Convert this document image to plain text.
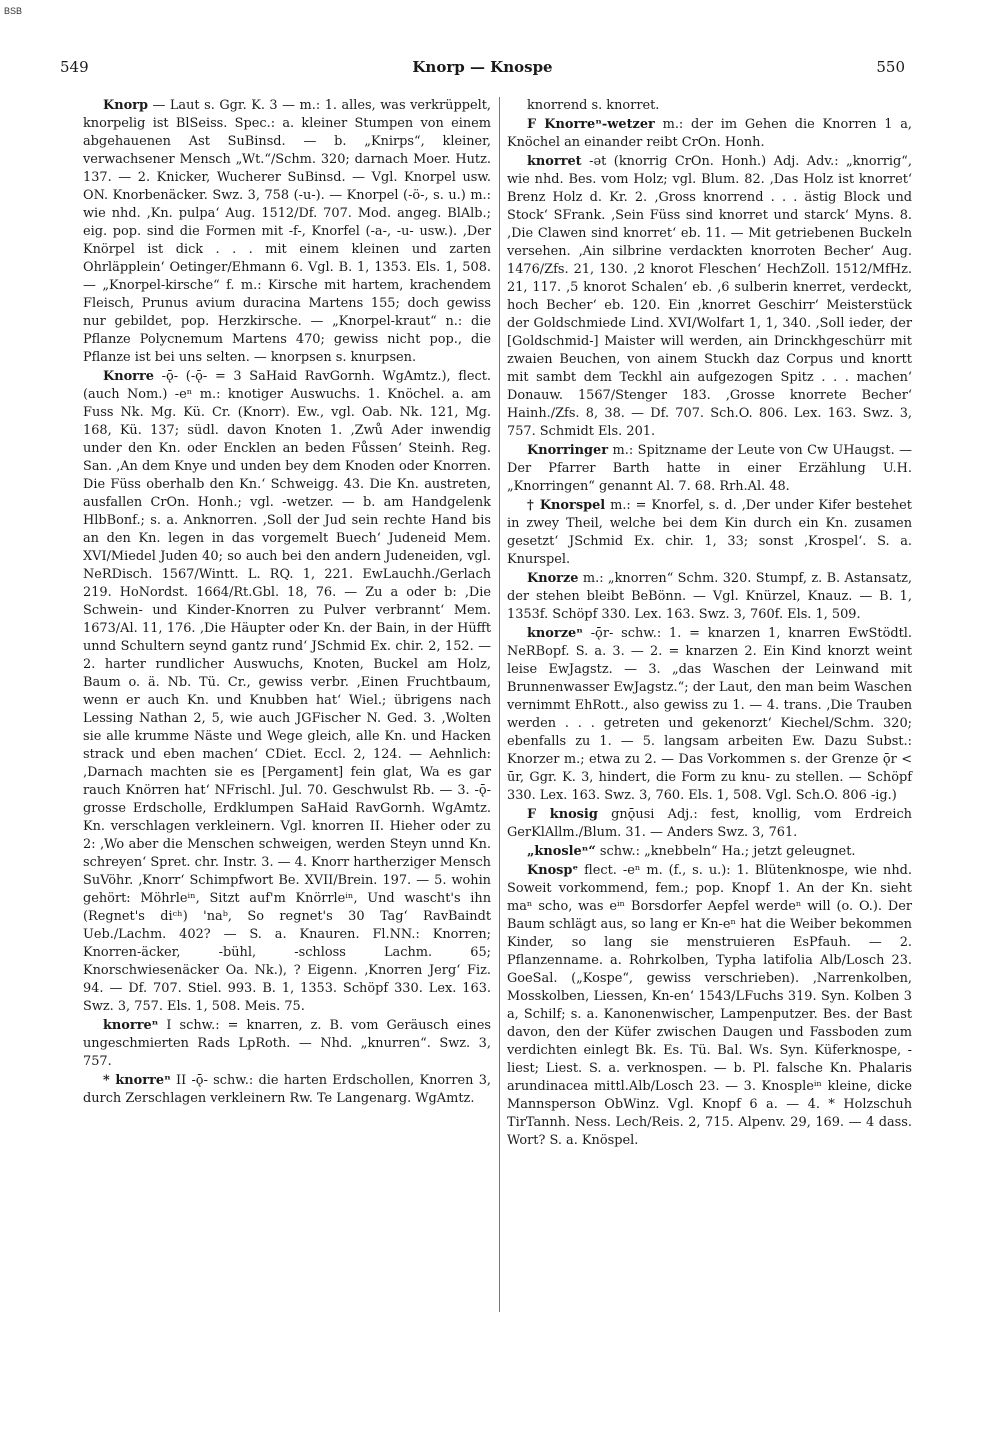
BSB
549	Knorp — Knospe	550

Knorp — Laut s. Ggr. K. 3 — m.: 1. alles, was verkrüppelt, knorpelig ist BlSeiss. Spec.: a. kleiner Stumpen von einem abgehauenen Ast SuBinsd. — b. „Knirps“, kleiner, verwachsener Mensch „Wt.“/Schm. 320; darnach Moer. Hutz. 137. — 2. Knicker, Wucherer SuBinsd. — Vgl. Knorpel usw. ON. Knorbenäcker. Swz. 3, 758 (-u-). — Knorpel (-ö-, s. u.) m.: wie nhd. ‚Kn. pulpa‘ Aug. 1512/Df. 707. Mod. angeg. BlAlb.; eig. pop. sind die Formen mit -f-, Knorfel (-a-, -u- usw.). ‚Der Knörpel ist dick . . . mit einem kleinen und zarten Ohrläpplein‘ Oetinger/Ehmann 6. Vgl. B. 1, 1353. Els. 1, 508. — „Knorpel-kirsche“ f. m.: Kirsche mit hartem, krachendem Fleisch, Prunus avium duracina Martens 155; doch gewiss nur gebildet, pop. Herzkirsche. — „Knorpel-kraut“ n.: die Pflanze Polycnemum Martens 470; gewiss nicht pop., die Pflanze ist bei uns selten. — knorpsen s. knurpsen.

Knorre -ǭ- (-ǭ- = 3 SaHaid RavGornh. WgAmtz.), flect. (auch Nom.) -eⁿ m.: knotiger Auswuchs. 1. Knöchel. a. am Fuss Nk. Mg. Kü. Cr. (Knorr). Ew., vgl. Oab. Nk. 121, Mg. 168, Kü. 137; südl. davon Knoten 1. ‚Zwů Ader inwendig under den Kn. oder Encklen an beden Fůssen‘ Steinh. Reg. San. ‚An dem Knye und unden bey dem Knoden oder Knorren. Die Füss oberhalb den Kn.‘ Schweigg. 43. Die Kn. austreten, ausfallen CrOn. Honh.; vgl. -wetzer. — b. am Handgelenk HlbBonf.; s. a. Anknorren. ‚Soll der Jud sein rechte Hand bis an den Kn. legen in das vorgemelt Buech‘ Judeneid Mem. XVI/Miedel Juden 40; so auch bei den andern Judeneiden, vgl. NeRDisch. 1567/Wintt. L. RQ. 1, 221. EwLauchh./Gerlach 219. HoNordst. 1664/Rt.Gbl. 18, 76. — Zu a oder b: ‚Die Schwein- und Kinder-Knorren zu Pulver verbrannt‘ Mem. 1673/Al. 11, 176. ‚Die Häupter oder Kn. der Bain, in der Hüfft unnd Schultern seynd gantz rund‘ JSchmid Ex. chir. 2, 152. — 2. harter rundlicher Auswuchs, Knoten, Buckel am Holz, Baum o. ä. Nb. Tü. Cr., gewiss verbr. ‚Einen Fruchtbaum, wenn er auch Kn. und Knubben hat‘ Wiel.; übrigens nach Lessing Nathan 2, 5, wie auch JGFischer N. Ged. 3. ‚Wolten sie alle krumme Näste und Wege gleich, alle Kn. und Hacken strack und eben machen‘ CDiet. Eccl. 2, 124. — Aehnlich: ‚Darnach machten sie es [Pergament] fein glat, Wa es gar rauch Knörren hat‘ NFrischl. Jul. 70. Geschwulst Rb. — 3. -ǭ- grosse Erdscholle, Erdklumpen SaHaid RavGornh. WgAmtz. Kn. verschlagen verkleinern. Vgl. knorren II. Hieher oder zu 2: ‚Wo aber die Menschen schweigen, werden Steyn unnd Kn. schreyen‘ Spret. chr. Instr. 3. — 4. Knorr hartherziger Mensch SuVöhr. ‚Knorr‘ Schimpfwort Be. XVII/Brein. 197. — 5. wohin gehört: Möhrleⁱⁿ, Sitzt auf'm Knörrleⁱⁿ, Und wascht's ihn (Regnet's diᶜʰ) 'naᵇ, So regnet's 30 Tag‘ RavBaindt Ueb./Lachm. 402? — S. a. Knauren. Fl.NN.: Knorren; Knorren-äcker, -bühl, -schloss Lachm. 65; Knorschwiesenäcker Oa. Nk.), ? Eigenn. ‚Knorren Jerg‘ Fiz. 94. — Df. 707. Stiel. 993. B. 1, 1353. Schöpf 330. Lex. 163. Swz. 3, 757. Els. 1, 508. Meis. 75.

knorreⁿ I schw.: = knarren, z. B. vom Geräusch eines ungeschmierten Rads LpRoth. — Nhd. „knurren“. Swz. 3, 757.

* knorreⁿ II -ǭ- schw.: die harten Erdschollen, Knorren 3, durch Zerschlagen verkleinern Rw. Te Langenarg. WgAmtz.

knorrend s. knorret.

F Knorreⁿ-wetzer m.: der im Gehen die Knorren 1 a, Knöchel an einander reibt CrOn. Honh.

knorret -ət (knorrig CrOn. Honh.) Adj. Adv.: „knorrig“, wie nhd. Bes. vom Holz; vgl. Blum. 82. ‚Das Holz ist knorret‘ Brenz Holz d. Kr. 2. ‚Gross knorrend . . . ästig Block und Stock‘ SFrank. ‚Sein Füss sind knorret und starck‘ Myns. 8. ‚Die Clawen sind knorret‘ eb. 11. — Mit getriebenen Buckeln versehen. ‚Ain silbrine verdackten knorroten Becher‘ Aug. 1476/Zfs. 21, 130. ‚2 knorot Fleschen‘ HechZoll. 1512/MfHz. 21, 117. ‚5 knorot Schalen‘ eb. ‚6 sulberin knerret, verdeckt, hoch Becher‘ eb. 120. Ein ‚knorret Geschirr‘ Meisterstück der Goldschmiede Lind. XVI/Wolfart 1, 1, 340. ‚Soll ieder, der [Goldschmid-] Maister will werden, ain Drinckhgeschürr mit zwaien Beuchen, von ainem Stuckh daz Corpus und knortt mit sambt dem Teckhl ain aufgezogen Spitz . . . machen‘ Donauw. 1567/Stenger 183. ‚Grosse knorrete Becher‘ Hainh./Zfs. 8, 38. — Df. 707. Sch.O. 806. Lex. 163. Swz. 3, 757. Schmidt Els. 201.

Knorringer m.: Spitzname der Leute von Cw UHaugst. — Der Pfarrer Barth hatte in einer Erzählung U.H. „Knorringen“ genannt Al. 7. 68. Rrh.Al. 48.

† Knorspel m.: = Knorfel, s. d. ‚Der under Kifer bestehet in zwey Theil, welche bei dem Kin durch ein Kn. zusamen gesetzt‘ JSchmid Ex. chir. 1, 33; sonst ‚Krospel‘. S. a. Knurspel.

Knorze m.: „knorren“ Schm. 320. Stumpf, z. B. Astansatz, der stehen bleibt BeBönn. — Vgl. Knürzel, Knauz. — B. 1, 1353f. Schöpf 330. Lex. 163. Swz. 3, 760f. Els. 1, 509.

knorzeⁿ -ǭr- schw.: 1. = knarzen 1, knarren EwStödtl. NeRBopf. S. a. 3. — 2. = knarzen 2. Ein Kind knorzt weint leise EwJagstz. — 3. „das Waschen der Leinwand mit Brunnenwasser EwJagstz.“; der Laut, den man beim Waschen vernimmt EhRott., also gewiss zu 1. — 4. trans. ‚Die Trauben werden . . . getreten und gekenorzt‘ Kiechel/Schm. 320; ebenfalls zu 1. — 5. langsam arbeiten Ew. Dazu Subst.: Knorzer m.; etwa zu 2. — Das Vorkommen s. der Grenze ǭr < ūr, Ggr. K. 3, hindert, die Form zu knu- zu stellen. — Schöpf 330. Lex. 163. Swz. 3, 760. Els. 1, 508. Vgl. Sch.O. 806 -ig.)

F knosig gnǭusi Adj.: fest, knollig, vom Erdreich GerKlAllm./Blum. 31. — Anders Swz. 3, 761.

„knosleⁿ“ schw.: „knebbeln“ Ha.; jetzt geleugnet.

Knospᵉ flect. -eⁿ m. (f., s. u.): 1. Blütenknospe, wie nhd. Soweit vorkommend, fem.; pop. Knopf 1. An der Kn. sieht maⁿ scho, was eⁱⁿ Borsdorfer Aepfel werdeⁿ will (o. O.). Der Baum schlägt aus, so lang er Kn-eⁿ hat die Weiber bekommen Kinder, so lang sie menstruieren EsPfauh. — 2. Pflanzenname. a. Rohrkolben, Typha latifolia Alb/Losch 23. GoeSal. („Kospe“, gewiss verschrieben). ‚Narrenkolben, Mosskolben, Liessen, Kn-en‘ 1543/LFuchs 319. Syn. Kolben 3 a, Schilf; s. a. Kanonenwischer, Lampenputzer. Bes. der Bast davon, den der Küfer zwischen Daugen und Fassboden zum verdichten einlegt Bk. Es. Tü. Bal. Ws. Syn. Küferknospe, -liest; Liest. S. a. verknospen. — b. Pl. falsche Kn. Phalaris arundinacea mittl.Alb/Losch 23. — 3. Knospleⁱⁿ kleine, dicke Mannsperson ObWinz. Vgl. Knopf 6 a. — 4. * Holzschuh TirTannh. Ness. Lech/Reis. 2, 715. Alpenv. 29, 169. — 4 dass. Wort? S. a. Knöspel.
